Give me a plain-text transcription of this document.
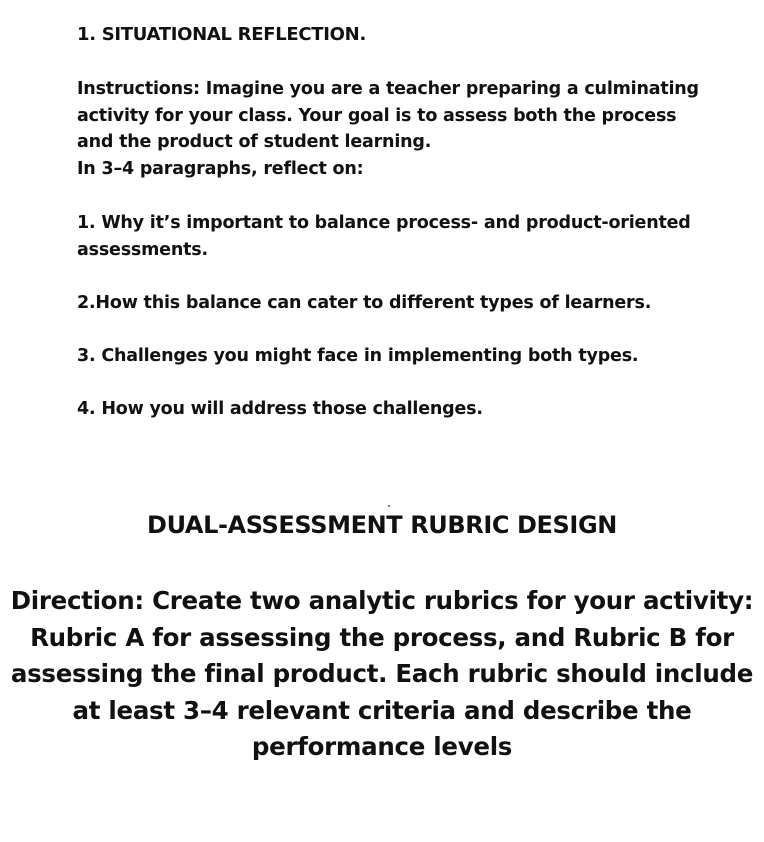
1. SITUATIONAL REFLECTION.

Instructions: Imagine you are a teacher preparing a culminating

activity for your class. Your goal is to assess both the process

and the product of student learning.

In 3–4 paragraphs, reflect on:

1. Why it’s important to balance process- and product-oriented
assessments.
2.How this balance can cater to different types of learners.
3. Challenges you might face in implementing both types.
4. How you will address those challenges.
DUAL-ASSESSMENT RUBRIC DESIGN

Direction: Create two analytic rubrics for your activity:
Rubric A for assessing the process, and Rubric B for
assessing the final product. Each rubric should include
at least 3–4 relevant criteria and describe the
performance levels
